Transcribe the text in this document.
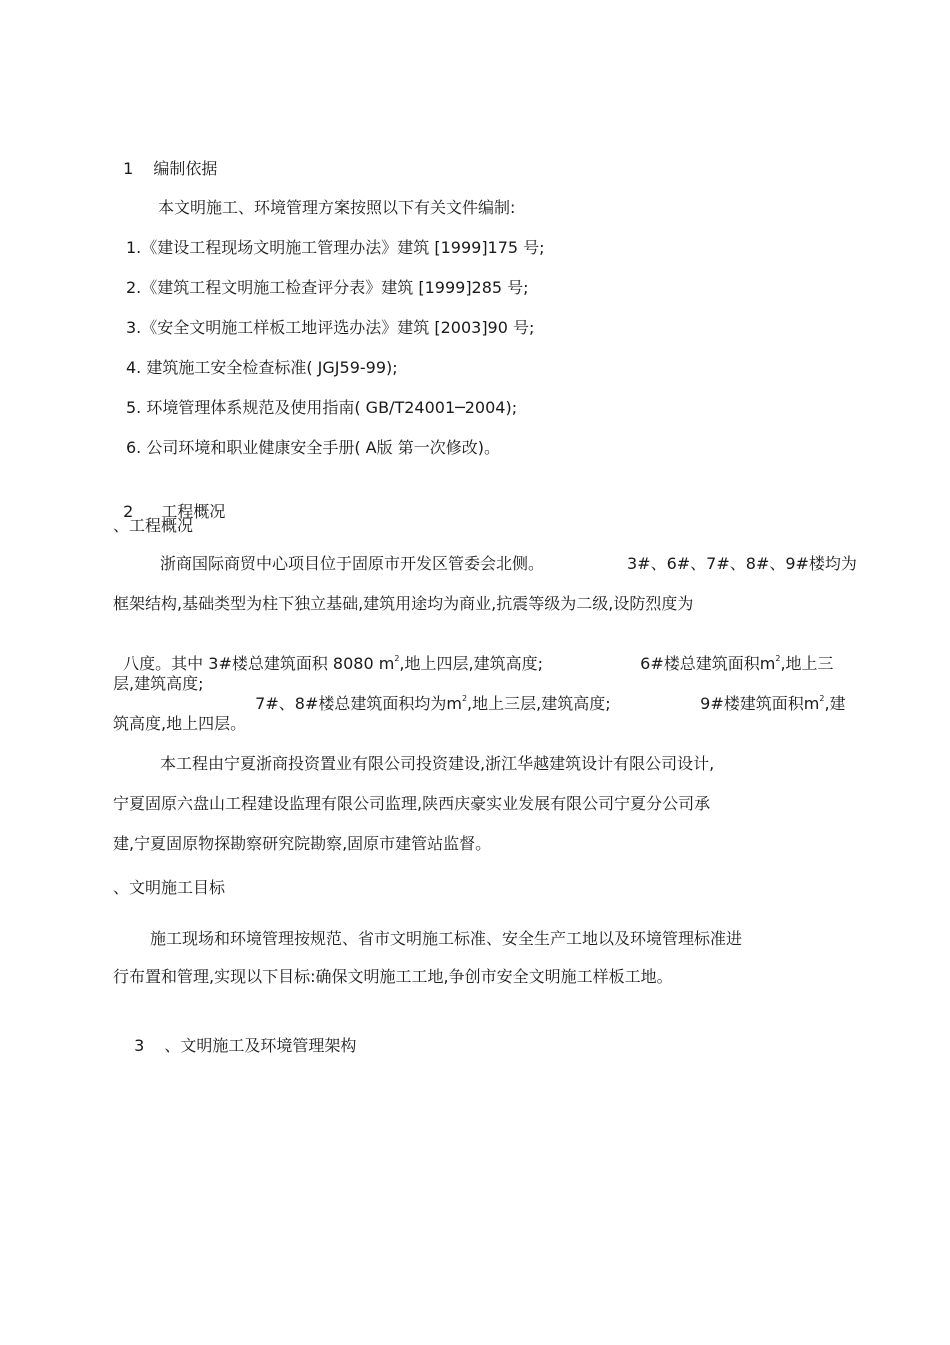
1 编制依据

本文明施工、环境管理方案按照以下有关文件编制:
1.《建设工程现场文明施工管理办法》建筑 [1999]175 号;
2.《建筑工程文明施工检查评分表》建筑 [1999]285 号;
3.《安全文明施工样板工地评选办法》建筑 [2003]90 号;
4. 建筑施工安全检查标准( JGJ59-99);
5. 环境管理体系规范及使用指南( GB/T24001─2004);
6. 公司环境和职业健康安全手册( A版 第一次修改)。

2 工程概况

、工程概况
浙商国际商贸中心项目位于固原市开发区管委会北侧。	3#、6#、7#、8#、9#楼均为
框架结构,基础类型为柱下独立基础,建筑用途均为商业,抗震等级为二级,设防烈度为

八度。其中 3#楼总建筑面积 8080 $m^2$,地上四层,建筑高度;	6#楼总建筑面积$m^2$,地上三

层,建筑高度;

7#、8#楼总建筑面积均为$m^2$,地上三层,建筑高度;	9#楼建筑面积$m^2$,建

筑高度,地上四层。
本工程由宁夏浙商投资置业有限公司投资建设,浙江华越建筑设计有限公司设计,
宁夏固原六盘山工程建设监理有限公司监理,陕西庆豪实业发展有限公司宁夏分公司承
建,宁夏固原物探勘察研究院勘察,固原市建管站监督。
、文明施工目标
施工现场和环境管理按规范、省市文明施工标准、安全生产工地以及环境管理标准进
行布置和管理,实现以下目标:确保文明施工工地,争创市安全文明施工样板工地。

3 、文明施工及环境管理架构
